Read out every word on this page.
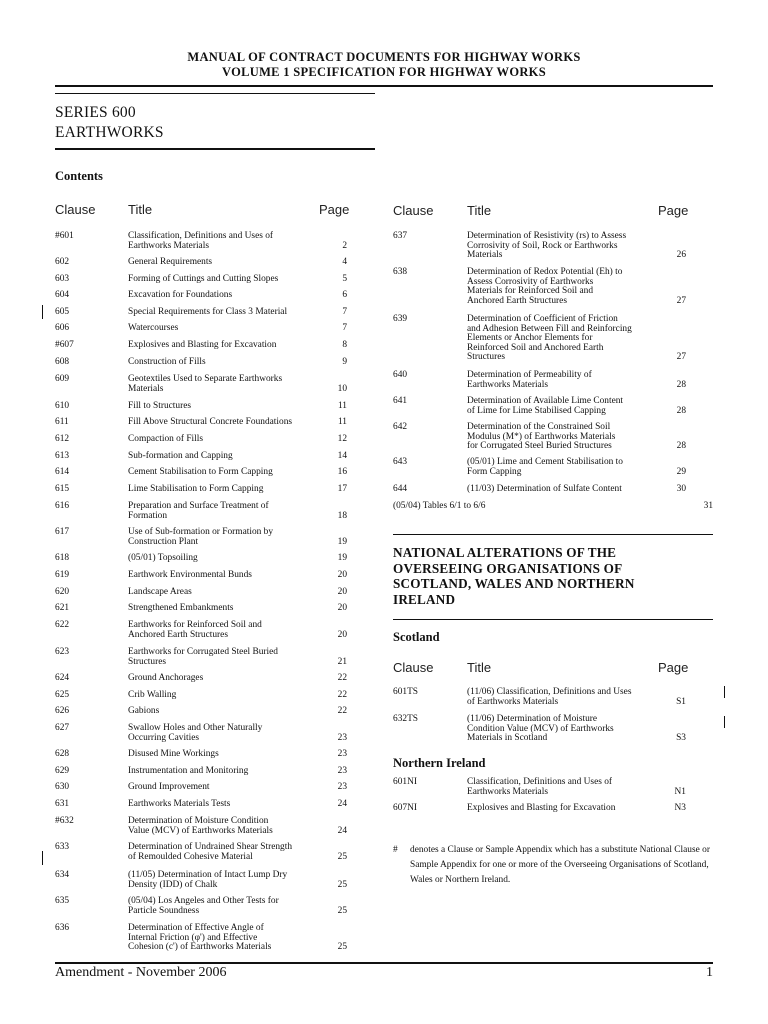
MANUAL OF CONTRACT DOCUMENTS FOR HIGHWAY WORKS
VOLUME 1 SPECIFICATION FOR HIGHWAY WORKS
SERIES 600
EARTHWORKS
Contents
Clause	Title	Page	Clause	Title	Page
#601	Classification, Definitions and Uses of
Earthworks Materials	2
602	General Requirements	4
603	Forming of Cuttings and Cutting Slopes	5
604	Excavation for Foundations	6
605	Special Requirements for Class 3 Material	7
606	Watercourses	7
#607	Explosives and Blasting for Excavation	8
608	Construction of Fills	9
609	Geotextiles Used to Separate Earthworks
Materials	10
610	Fill to Structures	11
611	Fill Above Structural Concrete Foundations	11
612	Compaction of Fills	12
613	Sub-formation and Capping	14
614	Cement Stabilisation to Form Capping	16
615	Lime Stabilisation to Form Capping	17
616	Preparation and Surface Treatment of
Formation	18
617	Use of Sub-formation or Formation by
Construction Plant	19
618	(05/01) Topsoiling	19
619	Earthwork Environmental Bunds	20
620	Landscape Areas	20
621	Strengthened Embankments	20
622	Earthworks for Reinforced Soil and
Anchored Earth Structures	20
623	Earthworks for Corrugated Steel Buried
Structures	21
624	Ground Anchorages	22
625	Crib Walling	22
626	Gabions	22
627	Swallow Holes and Other Naturally
Occurring Cavities	23
628	Disused Mine Workings	23
629	Instrumentation and Monitoring	23
630	Ground Improvement	23
631	Earthworks Materials Tests	24
#632	Determination of Moisture Condition
Value (MCV) of Earthworks Materials	24
633	Determination of Undrained Shear Strength
of Remoulded Cohesive Material	25
634	(11/05) Determination of Intact Lump Dry
Density (IDD) of Chalk	25
635	(05/04) Los Angeles and Other Tests for
Particle Soundness	25
636	Determination of Effective Angle of
Internal Friction (φ') and Effective
Cohesion (c') of Earthworks Materials	25
637	Determination of Resistivity (rs) to Assess
Corrosivity of Soil, Rock or Earthworks
Materials	26
638	Determination of Redox Potential (Eh) to
Assess Corrosivity of Earthworks
Materials for Reinforced Soil and
Anchored Earth Structures	27
639	Determination of Coefficient of Friction
and Adhesion Between Fill and Reinforcing
Elements or Anchor Elements for
Reinforced Soil and Anchored Earth
Structures	27
640	Determination of Permeability of
Earthworks Materials	28
641	Determination of Available Lime Content
of Lime for Lime Stabilised Capping	28
642	Determination of the Constrained Soil
Modulus (M*) of Earthworks Materials
for Corrugated Steel Buried Structures	28
643	(05/01) Lime and Cement Stabilisation to
Form Capping	29
644	(11/03) Determination of Sulfate Content	30
(05/04) Tables 6/1 to 6/6	31
NATIONAL ALTERATIONS OF THE
OVERSEEING ORGANISATIONS OF
SCOTLAND, WALES AND NORTHERN
IRELAND
Scotland
Clause	Title	Page
601TS	(11/06) Classification, Definitions and Uses
of Earthworks Materials	S1
632TS	(11/06) Determination of Moisture
Condition Value (MCV) of Earthworks
Materials in Scotland	S3
Northern Ireland
601NI	Classification, Definitions and Uses of
Earthworks Materials	N1
607NI	Explosives and Blasting for Excavation	N3
# denotes a Clause or Sample Appendix which has a substitute National Clause or Sample Appendix for one or more of the Overseeing Organisations of Scotland, Wales or Northern Ireland.
Amendment - November 2006	1
